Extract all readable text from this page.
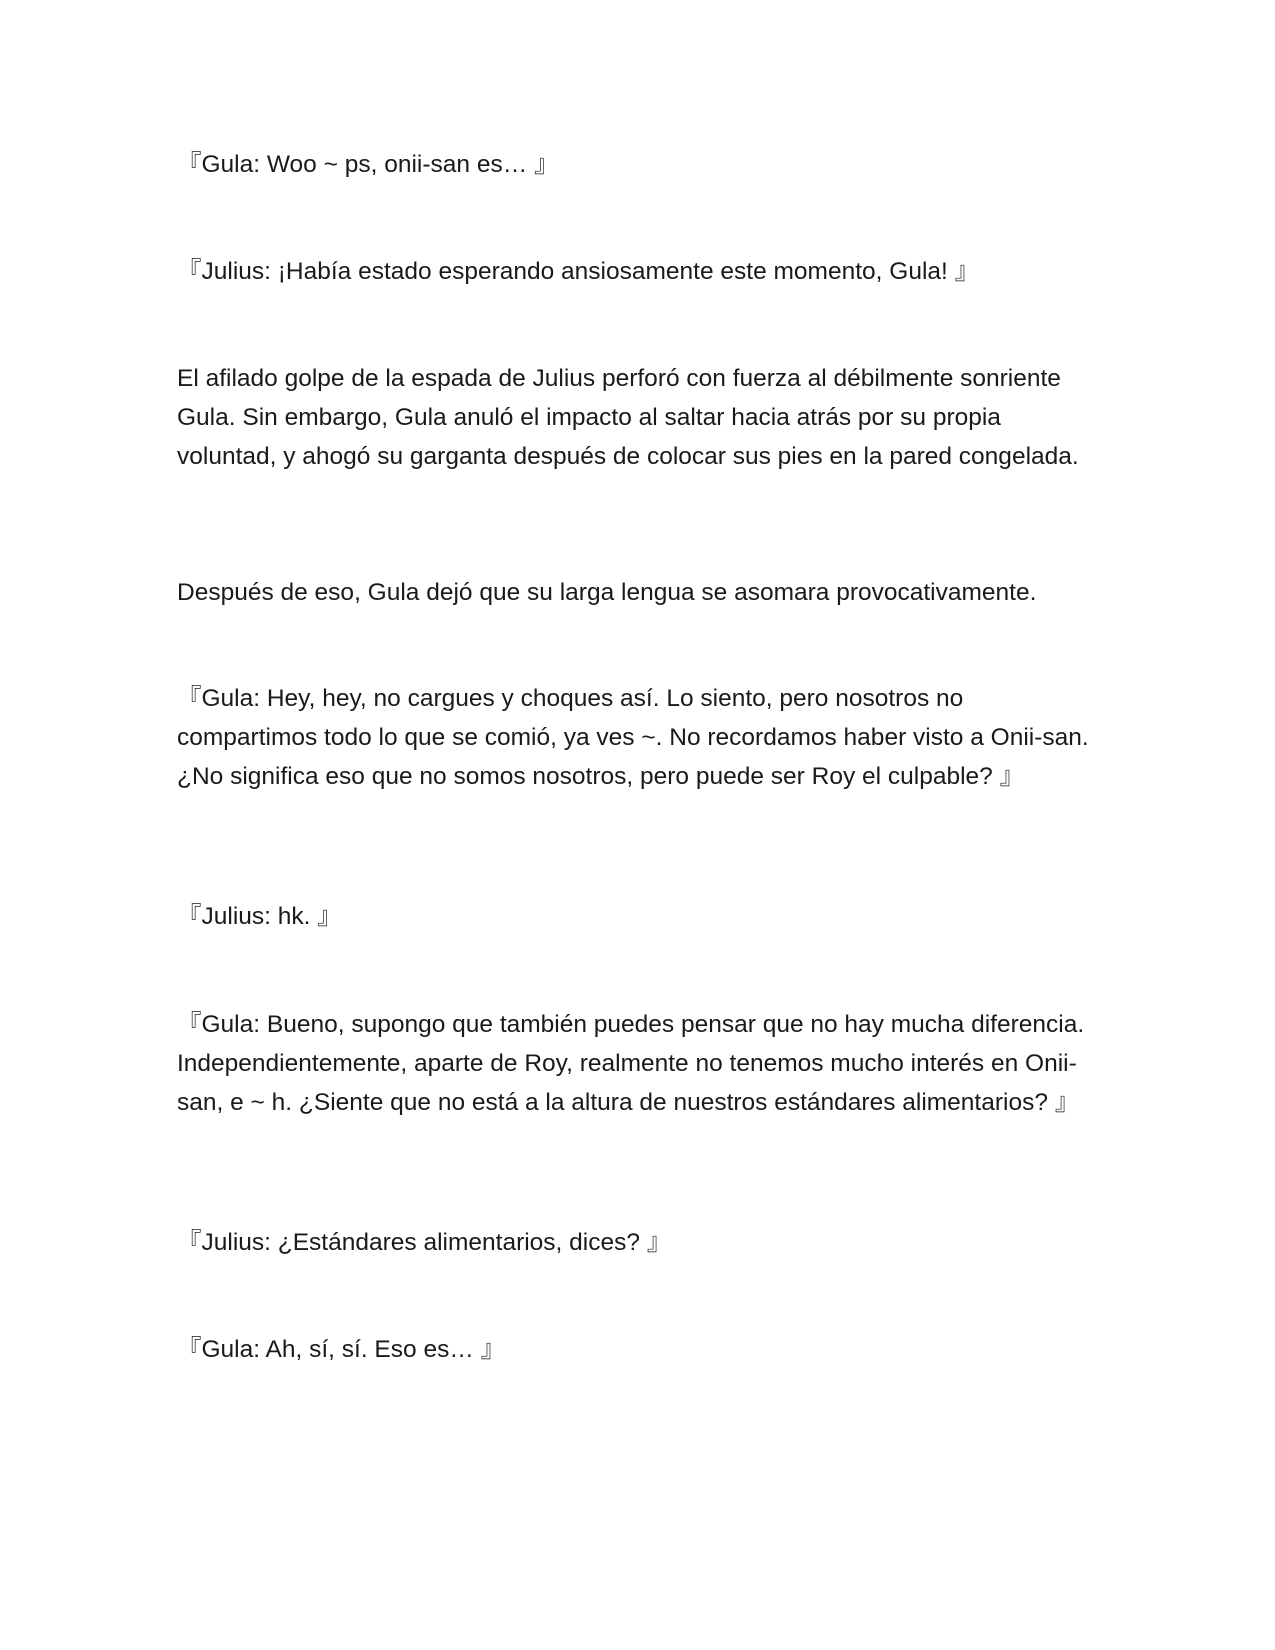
『Gula: Woo ~ ps, onii-san es… 』

『Julius: ¡Había estado esperando ansiosamente este momento, Gula! 』

El afilado golpe de la espada de Julius perforó con fuerza al débilmente sonriente Gula. Sin embargo, Gula anuló el impacto al saltar hacia atrás por su propia voluntad, y ahogó su garganta después de colocar sus pies en la pared congelada.

Después de eso, Gula dejó que su larga lengua se asomara provocativamente.

『Gula: Hey, hey, no cargues y choques así. Lo siento, pero nosotros no compartimos todo lo que se comió, ya ves ~. No recordamos haber visto a Onii-san. ¿No significa eso que no somos nosotros, pero puede ser Roy el culpable? 』

『Julius: hk. 』

『Gula: Bueno, supongo que también puedes pensar que no hay mucha diferencia. Independientemente, aparte de Roy, realmente no tenemos mucho interés en Onii-san, e ~ h. ¿Siente que no está a la altura de nuestros estándares alimentarios? 』

『Julius: ¿Estándares alimentarios, dices? 』

『Gula: Ah, sí, sí. Eso es… 』
